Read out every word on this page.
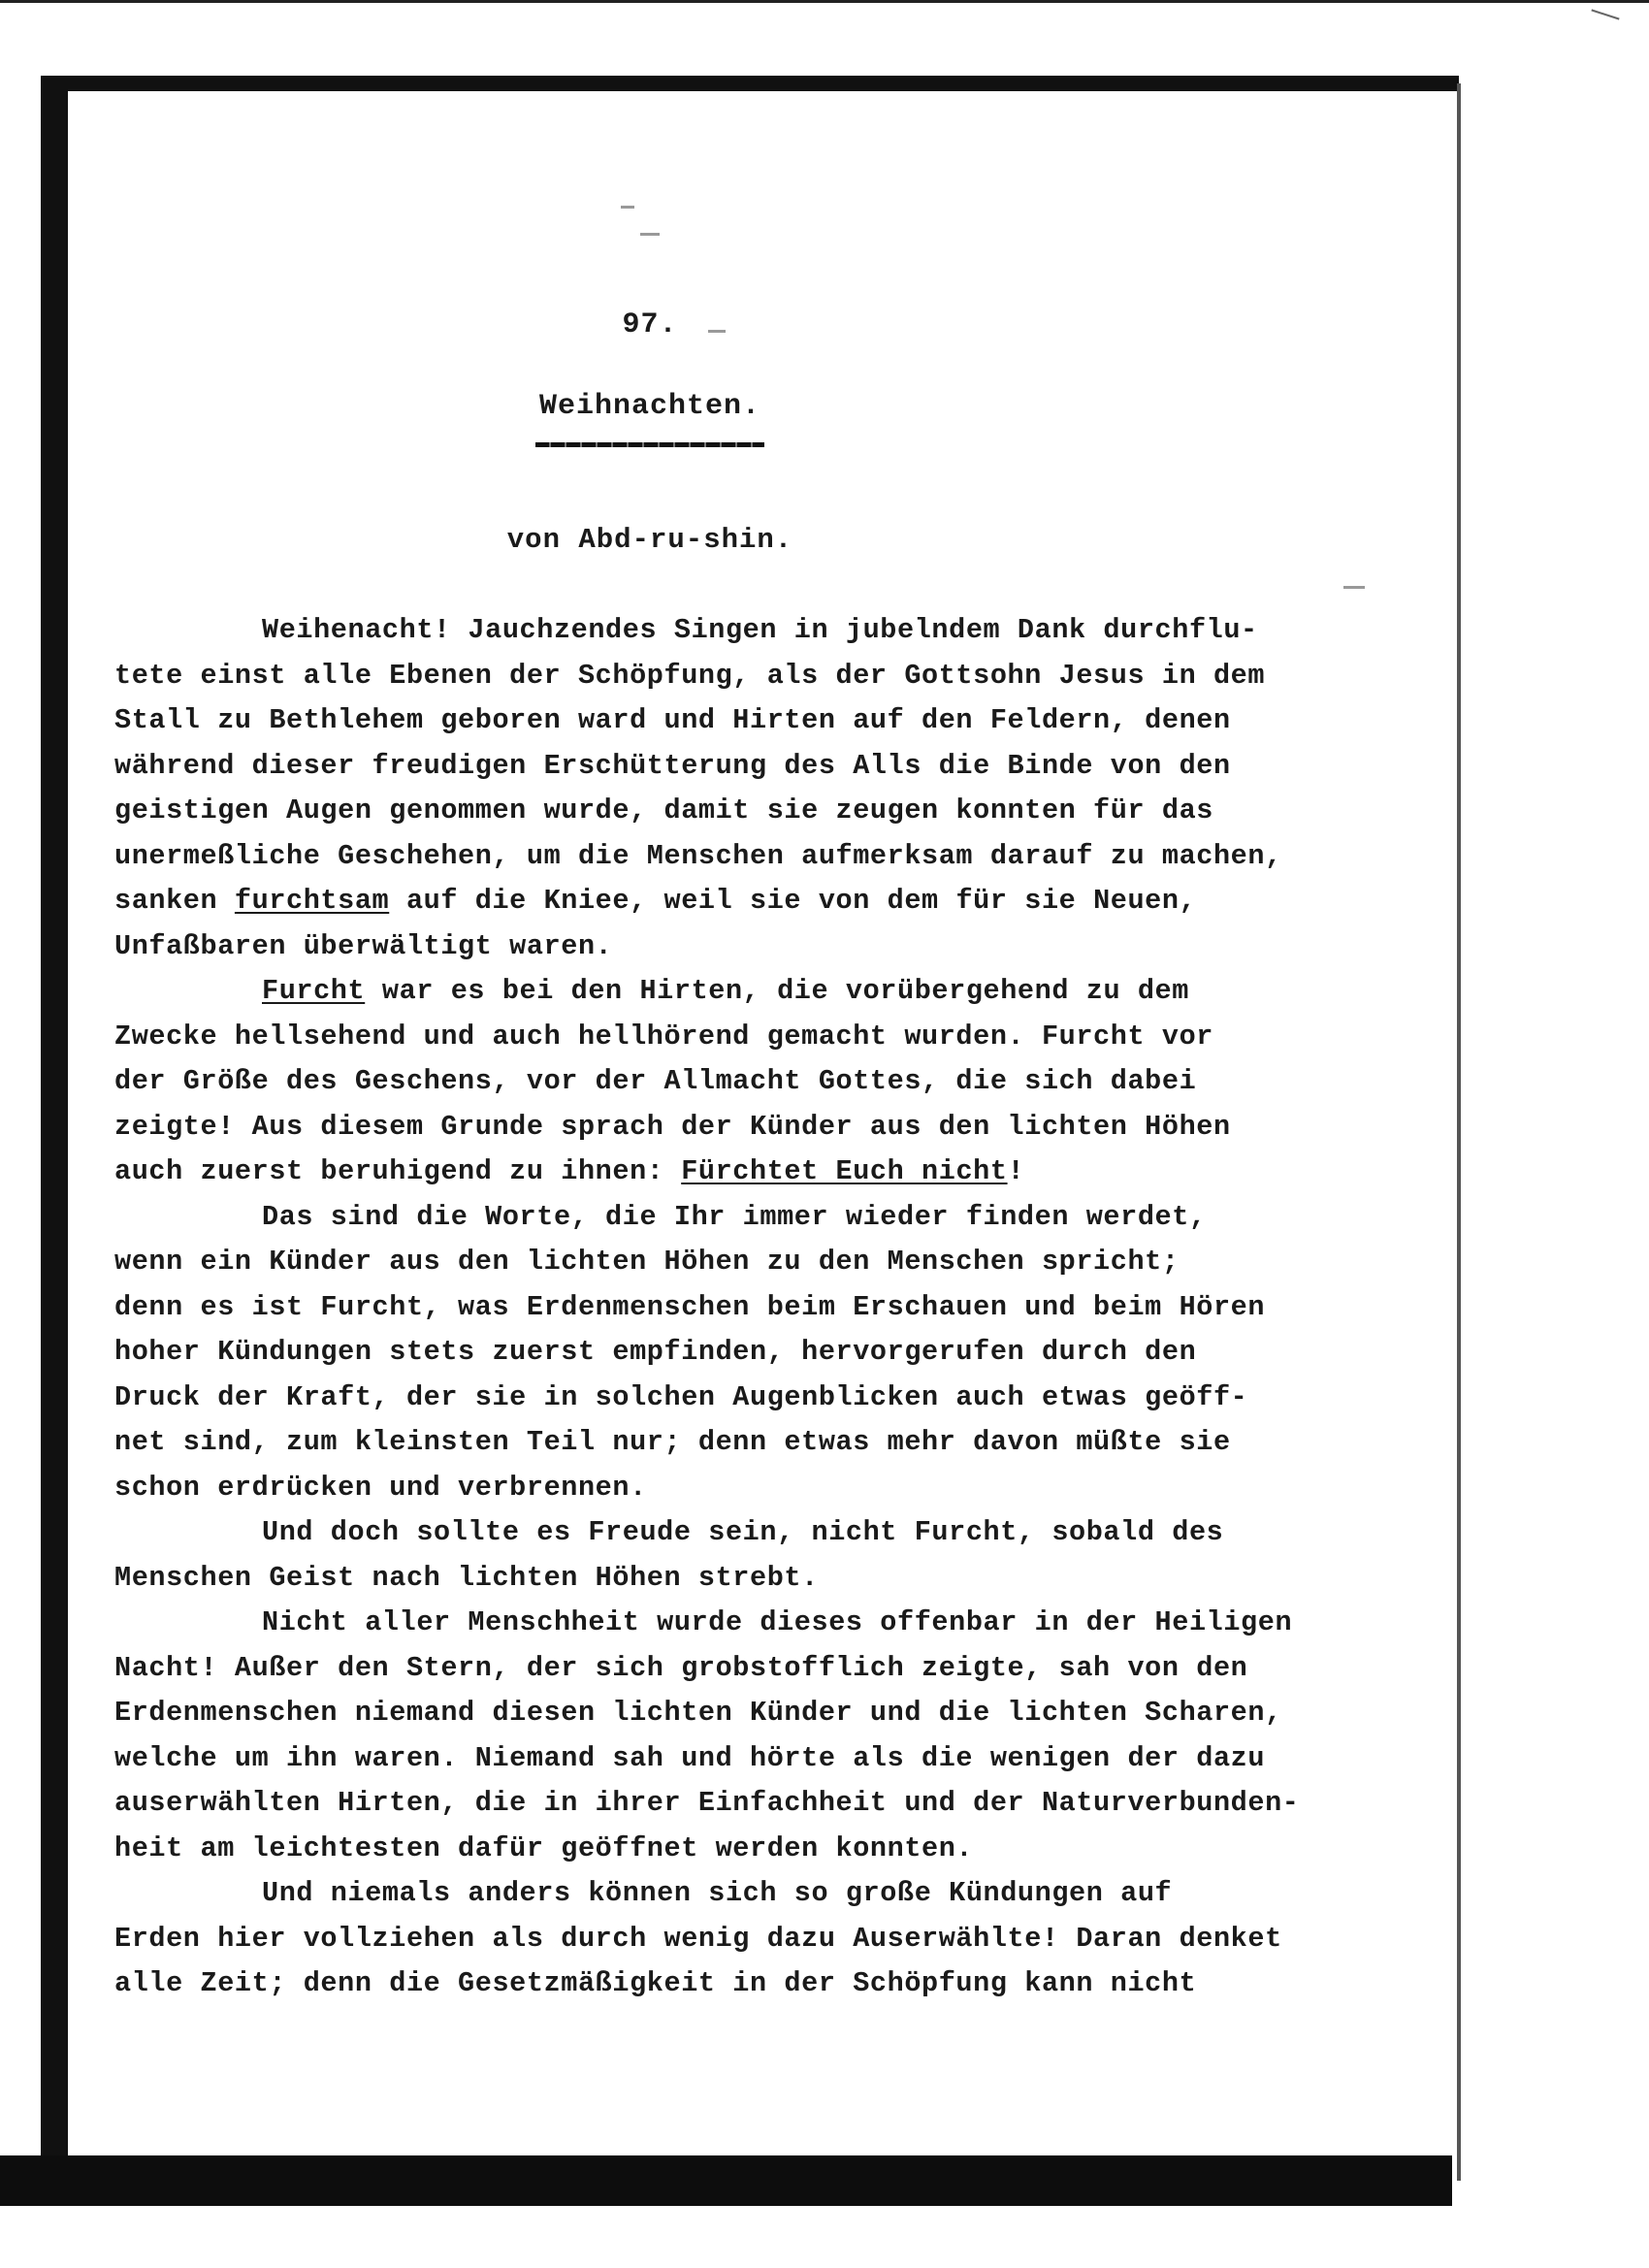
97.
Weihnachten.
von Abd-ru-shin.
Weihenacht! Jauchzendes Singen in jubelndem Dank durchflu-
tete einst alle Ebenen der Schöpfung, als der Gottsohn Jesus in dem
Stall zu Bethlehem geboren ward und Hirten auf den Feldern, denen
während dieser freudigen Erschütterung des Alls die Binde von den
geistigen Augen genommen wurde, damit sie zeugen konnten für das
unermeßliche Geschehen, um die Menschen aufmerksam darauf zu machen,
sanken furchtsam auf die Kniee, weil sie von dem für sie Neuen,
Unfaßbaren überwältigt waren.
Furcht war es bei den Hirten, die vorübergehend zu dem
Zwecke hellsehend und auch hellhörend gemacht wurden. Furcht vor
der Größe des Geschens, vor der Allmacht Gottes, die sich dabei
zeigte! Aus diesem Grunde sprach der Künder aus den lichten Höhen
auch zuerst beruhigend zu ihnen: Fürchtet Euch nicht!
Das sind die Worte, die Ihr immer wieder finden werdet,
wenn ein Künder aus den lichten Höhen zu den Menschen spricht;
denn es ist Furcht, was Erdenmenschen beim Erschauen und beim Hören
hoher Kündungen stets zuerst empfinden, hervorgerufen durch den
Druck der Kraft, der sie in solchen Augenblicken auch etwas geöff-
net sind, zum kleinsten Teil nur; denn etwas mehr davon müßte sie
schon erdrücken und verbrennen.
Und doch sollte es Freude sein, nicht Furcht, sobald des
Menschen Geist nach lichten Höhen strebt.
Nicht aller Menschheit wurde dieses offenbar in der Heiligen
Nacht! Außer den Stern, der sich grobstofflich zeigte, sah von den
Erdenmenschen niemand diesen lichten Künder und die lichten Scharen,
welche um ihn waren. Niemand sah und hörte als die wenigen der dazu
auserwählten Hirten, die in ihrer Einfachheit und der Naturverbunden-
heit am leichtesten dafür geöffnet werden konnten.
Und niemals anders können sich so große Kündungen auf
Erden hier vollziehen als durch wenig dazu Auserwählte! Daran denket
alle Zeit; denn die Gesetzmäßigkeit in der Schöpfung kann nicht
